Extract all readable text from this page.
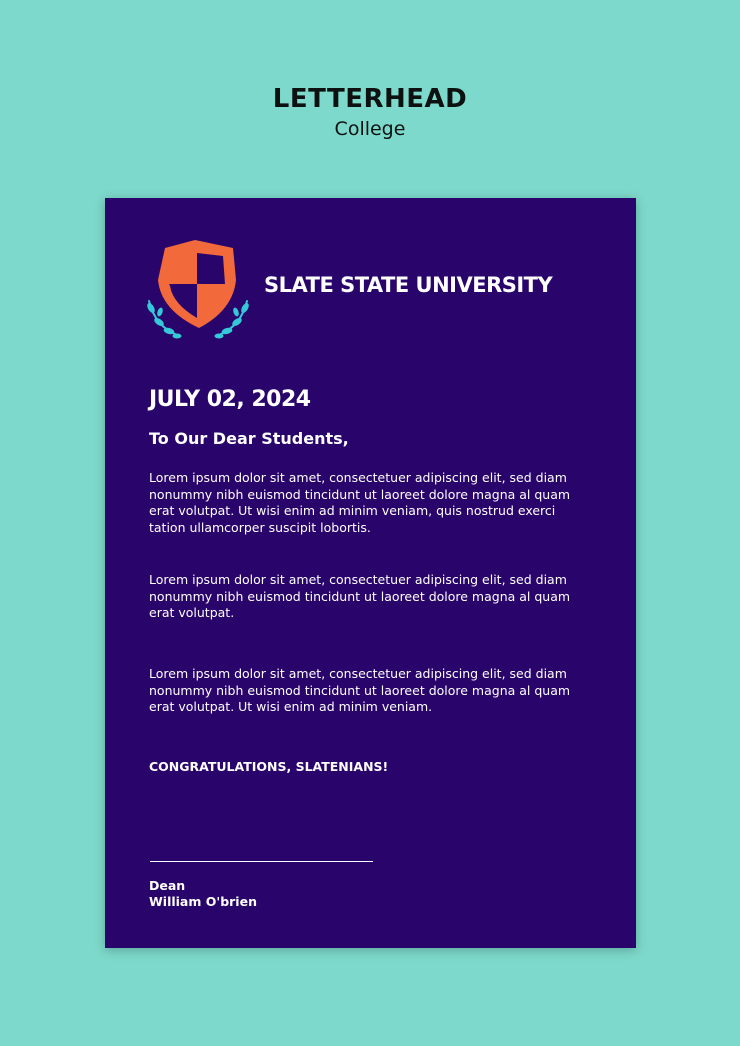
LETTERHEAD
College
SLATE STATE UNIVERSITY
JULY 02, 2024
To Our Dear Students,

Lorem ipsum dolor sit amet, consectetuer adipiscing elit, sed diam nonummy nibh euismod tincidunt ut laoreet dolore magna al quam erat volutpat. Ut wisi enim ad minim veniam, quis nostrud exerci tation ullamcorper suscipit lobortis.

Lorem ipsum dolor sit amet, consectetuer adipiscing elit, sed diam nonummy nibh euismod tincidunt ut laoreet dolore magna al quam erat volutpat.

Lorem ipsum dolor sit amet, consectetuer adipiscing elit, sed diam nonummy nibh euismod tincidunt ut laoreet dolore magna al quam erat volutpat. Ut wisi enim ad minim veniam.

CONGRATULATIONS, SLATENIANS!
Dean
William O'brien
